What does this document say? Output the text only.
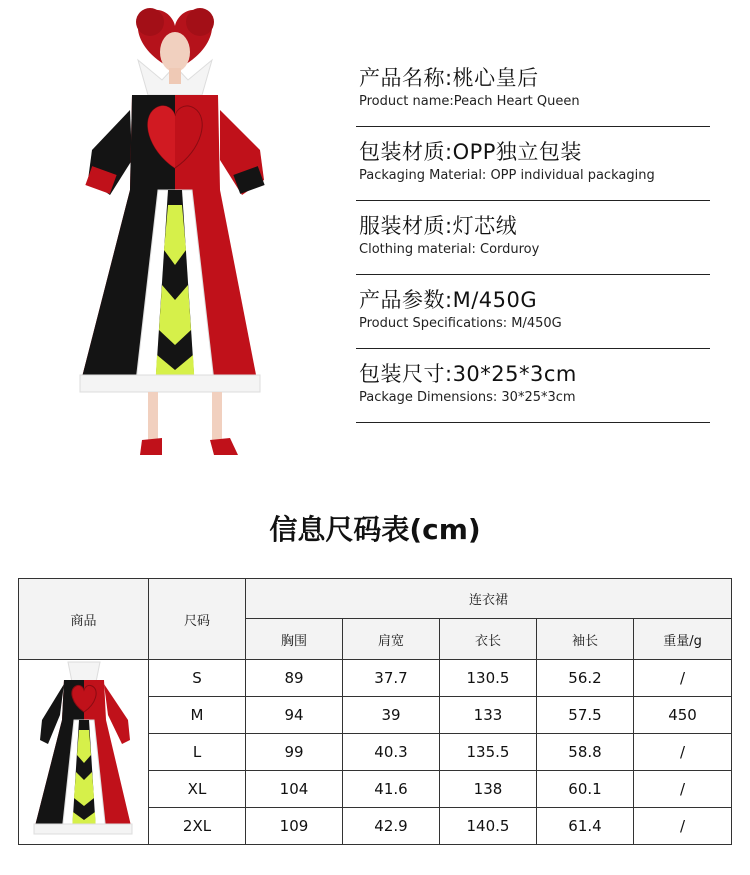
产品名称:桃心皇后
Product name:Peach Heart Queen
包装材质:OPP独立包装
Packaging Material: OPP individual packaging
服装材质:灯芯绒
Clothing material: Corduroy
产品参数:M/450G
Product Specifications: M/450G
包装尺寸:30*25*3cm
Package Dimensions: 30*25*3cm
信息尺码表(cm)
商品	尺码	连衣裙				
		胸围	肩宽	衣长	袖长	重量/g
	S	89	37.7	130.5	56.2	/
	M	94	39	133	57.5	450
	L	99	40.3	135.5	58.8	/
	XL	104	41.6	138	60.1	/
	2XL	109	42.9	140.5	61.4	/
